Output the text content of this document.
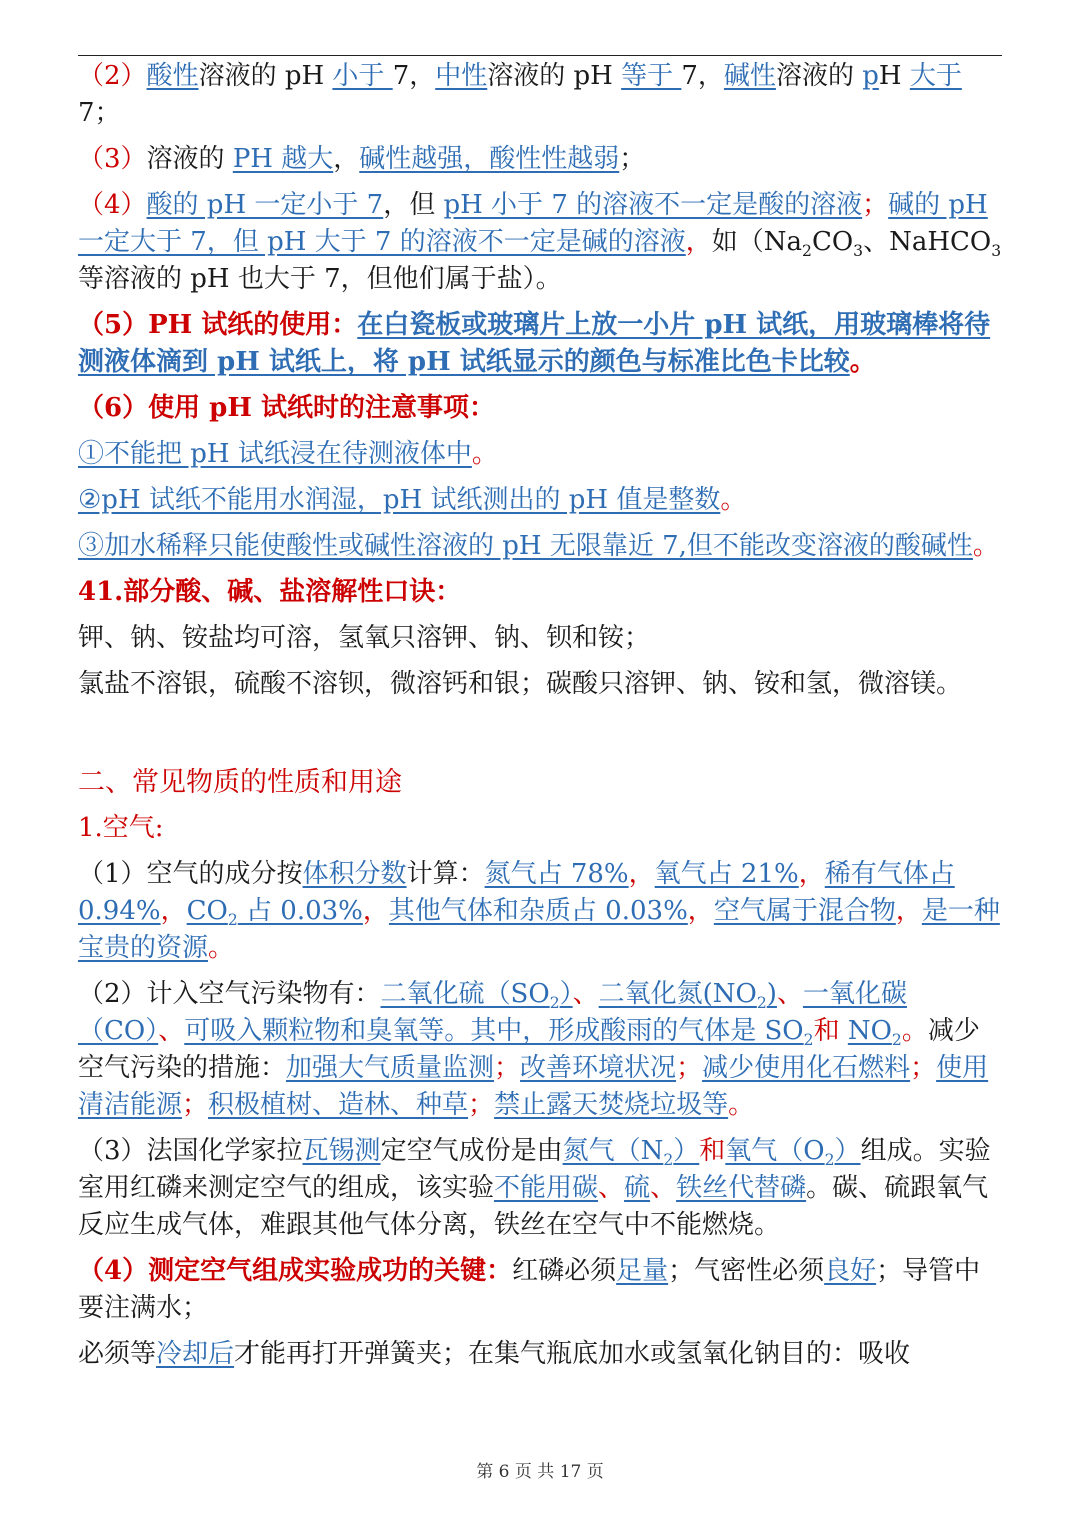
（2）酸性溶液的 pH 小于 7，中性溶液的 pH 等于 7，碱性溶液的 pH 大于 7；

（3）溶液的 PH 越大，碱性越强，酸性性越弱；

（4）酸的 pH 一定小于 7，但 pH 小于 7 的溶液不一定是酸的溶液；碱的 pH 一定大于 7，但 pH 大于 7 的溶液不一定是碱的溶液，如（$Na_2CO_3$、NaHCO$_3$ 等溶液的 pH 也大于 7，但他们属于盐）。

（5）PH 试纸的使用：在白瓷板或玻璃片上放一小片 pH 试纸，用玻璃棒将待测液体滴到 pH 试纸上，将 pH 试纸显示的颜色与标准比色卡比较。

（6）使用 pH 试纸时的注意事项：

①不能把 pH 试纸浸在待测液体中。

②pH 试纸不能用水润湿，pH 试纸测出的 pH 值是整数。

③加水稀释只能使酸性或碱性溶液的 pH 无限靠近 7,但不能改变溶液的酸碱性。

41.部分酸、碱、盐溶解性口诀：

钾、钠、铵盐均可溶，氢氧只溶钾、钠、钡和铵；

氯盐不溶银，硫酸不溶钡，微溶钙和银；碳酸只溶钾、钠、铵和氢，微溶镁。

二、常见物质的性质和用途

1.空气:

（1）空气的成分按体积分数计算：氮气占 78%，氧气占 21%，稀有气体占 0.94%，$CO_2$ 占 0.03%，其他气体和杂质占 0.03%，空气属于混合物，是一种宝贵的资源。

（2）计入空气污染物有：二氧化硫$(SO_2)$、二氧化氮$(NO_2)$、一氧化碳（CO）、可吸入颗粒物和臭氧等。其中，形成酸雨的气体是 $SO_2$和 $NO_2$。减少空气污染的措施：加强大气质量监测；改善环境状况；减少使用化石燃料；使用清洁能源；积极植树、造林、种草；禁止露天焚烧垃圾等。

（3）法国化学家拉瓦锡测定空气成份是由氮气$(N_2)$和氧气$(O_2)$组成。实验室用红磷来测定空气的组成，该实验不能用碳、硫、铁丝代替磷。碳、硫跟氧气反应生成气体，难跟其他气体分离，铁丝在空气中不能燃烧。

（4）测定空气组成实验成功的关键：红磷必须足量；气密性必须良好；导管中要注满水；

必须等冷却后才能再打开弹簧夹；在集气瓶底加水或氢氧化钠目的：吸收

第 6 页 共 17 页
